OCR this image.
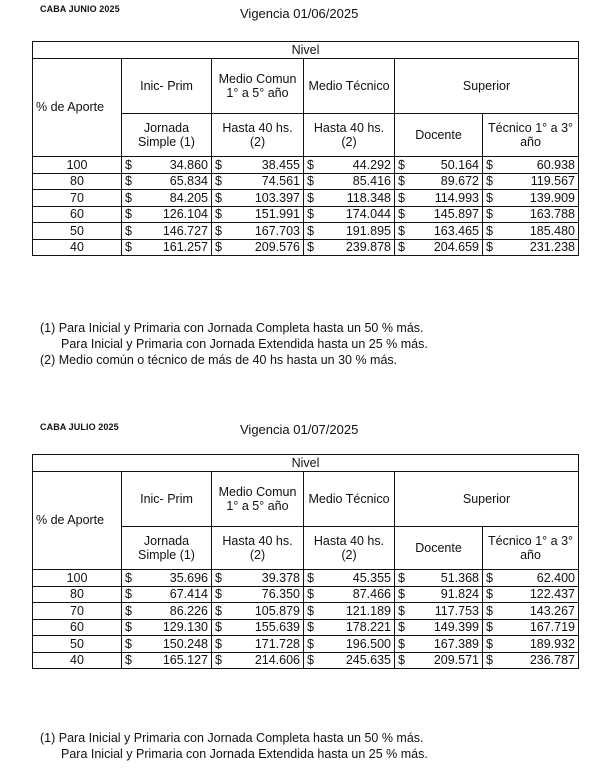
CABA JUNIO 2025	Vigencia 01/06/2025
Nivel					
% de Aporte	Inic- Prim	Medio Comun 1° a 5° año	Medio Técnico	Superior	
	Jornada Simple (1)	Hasta 40 hs. (2)	Hasta 40 hs. (2)	Docente	Técnico 1° a 3° año
100	$ 34.860	$ 38.455	$ 44.292	$ 50.164	$ 60.938

80	$ 65.834	$ 74.561	$ 85.416	$ 89.672	$ 119.567

70	$ 84.205	$ 103.397	$ 118.348	$ 114.993	$ 139.909

60	$ 126.104	$ 151.991	$ 174.044	$ 145.897	$ 163.788

50	$ 146.727	$ 167.703	$ 191.895	$ 163.465	$ 185.480

40	$ 161.257	$ 209.576	$ 239.878	$ 204.659	$ 231.238
(1) Para Inicial y Primaria con Jornada Completa hasta un 50 % más.
Para Inicial y Primaria con Jornada Extendida hasta un 25 % más.
(2) Medio común o técnico de más de 40 hs hasta un 30 % más.
CABA JULIO 2025	Vigencia 01/07/2025
Nivel					
% de Aporte	Inic- Prim	Medio Comun 1° a 5° año	Medio Técnico	Superior	
	Jornada Simple (1)	Hasta 40 hs. (2)	Hasta 40 hs. (2)	Docente	Técnico 1° a 3° año
100	$ 35.696	$ 39.378	$ 45.355	$ 51.368	$ 62.400

80	$ 67.414	$ 76.350	$ 87.466	$ 91.824	$ 122.437

70	$ 86.226	$ 105.879	$ 121.189	$ 117.753	$ 143.267

60	$ 129.130	$ 155.639	$ 178.221	$ 149.399	$ 167.719

50	$ 150.248	$ 171.728	$ 196.500	$ 167.389	$ 189.932

40	$ 165.127	$ 214.606	$ 245.635	$ 209.571	$ 236.787
(1) Para Inicial y Primaria con Jornada Completa hasta un 50 % más.
Para Inicial y Primaria con Jornada Extendida hasta un 25 % más.
